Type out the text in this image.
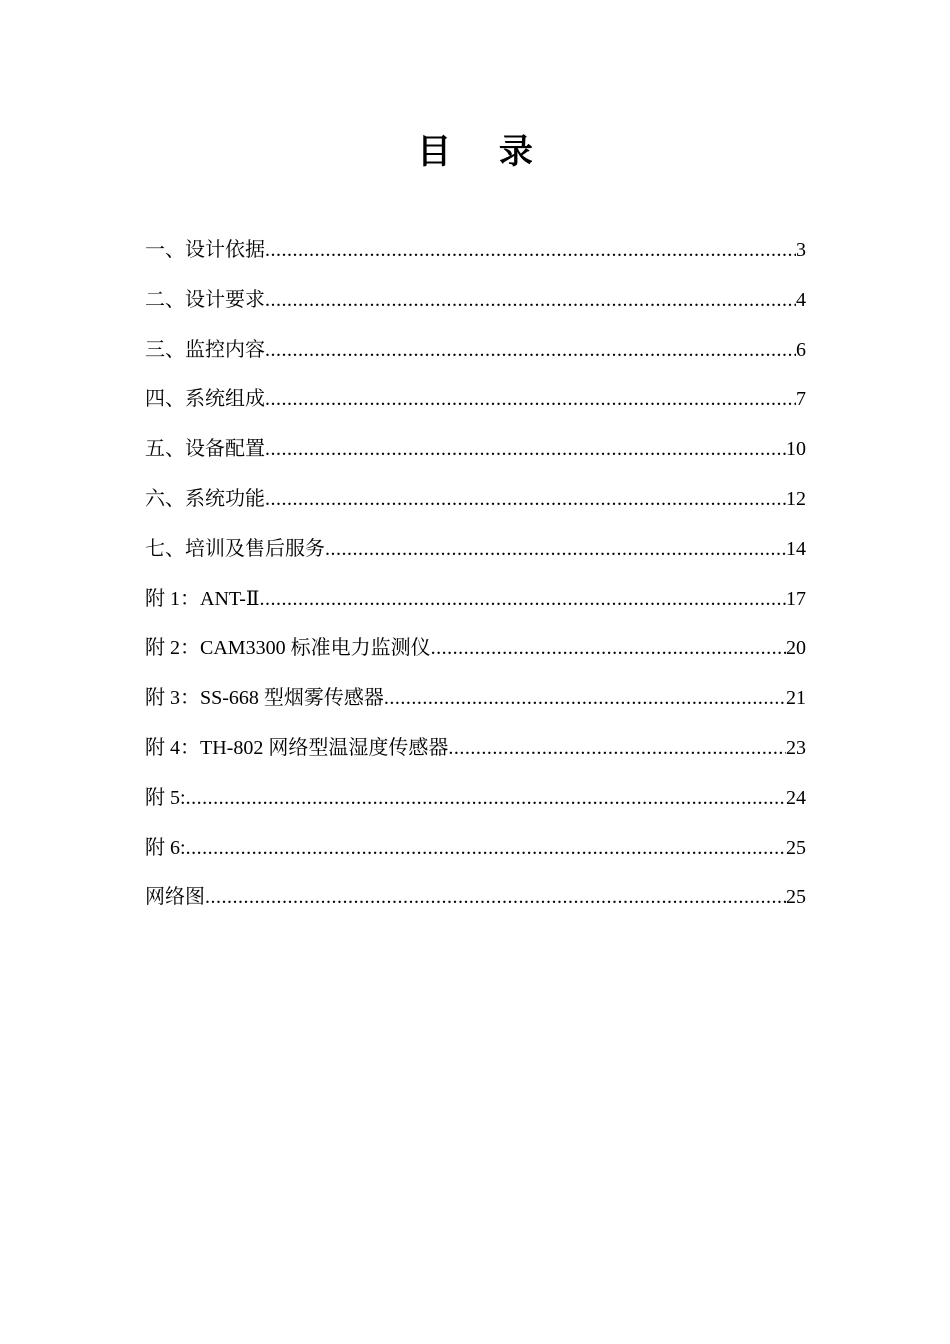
目 录
一、设计依据 .....	3
二、设计要求 .....	4
三、监控内容 .....	6
四、系统组成 .....	7
五、设备配置 .....	10
六、系统功能 .....	12
七、培训及售后服务 .....	14
附 1：ANT-Ⅱ .....	17
附 2：CAM3300 标准电力监测仪 .....	20
附 3：SS-668 型烟雾传感器 .....	21
附 4：TH-802 网络型温湿度传感器 .....	23
附 5: .....	24
附 6: .....	25
网络图 .....	25
